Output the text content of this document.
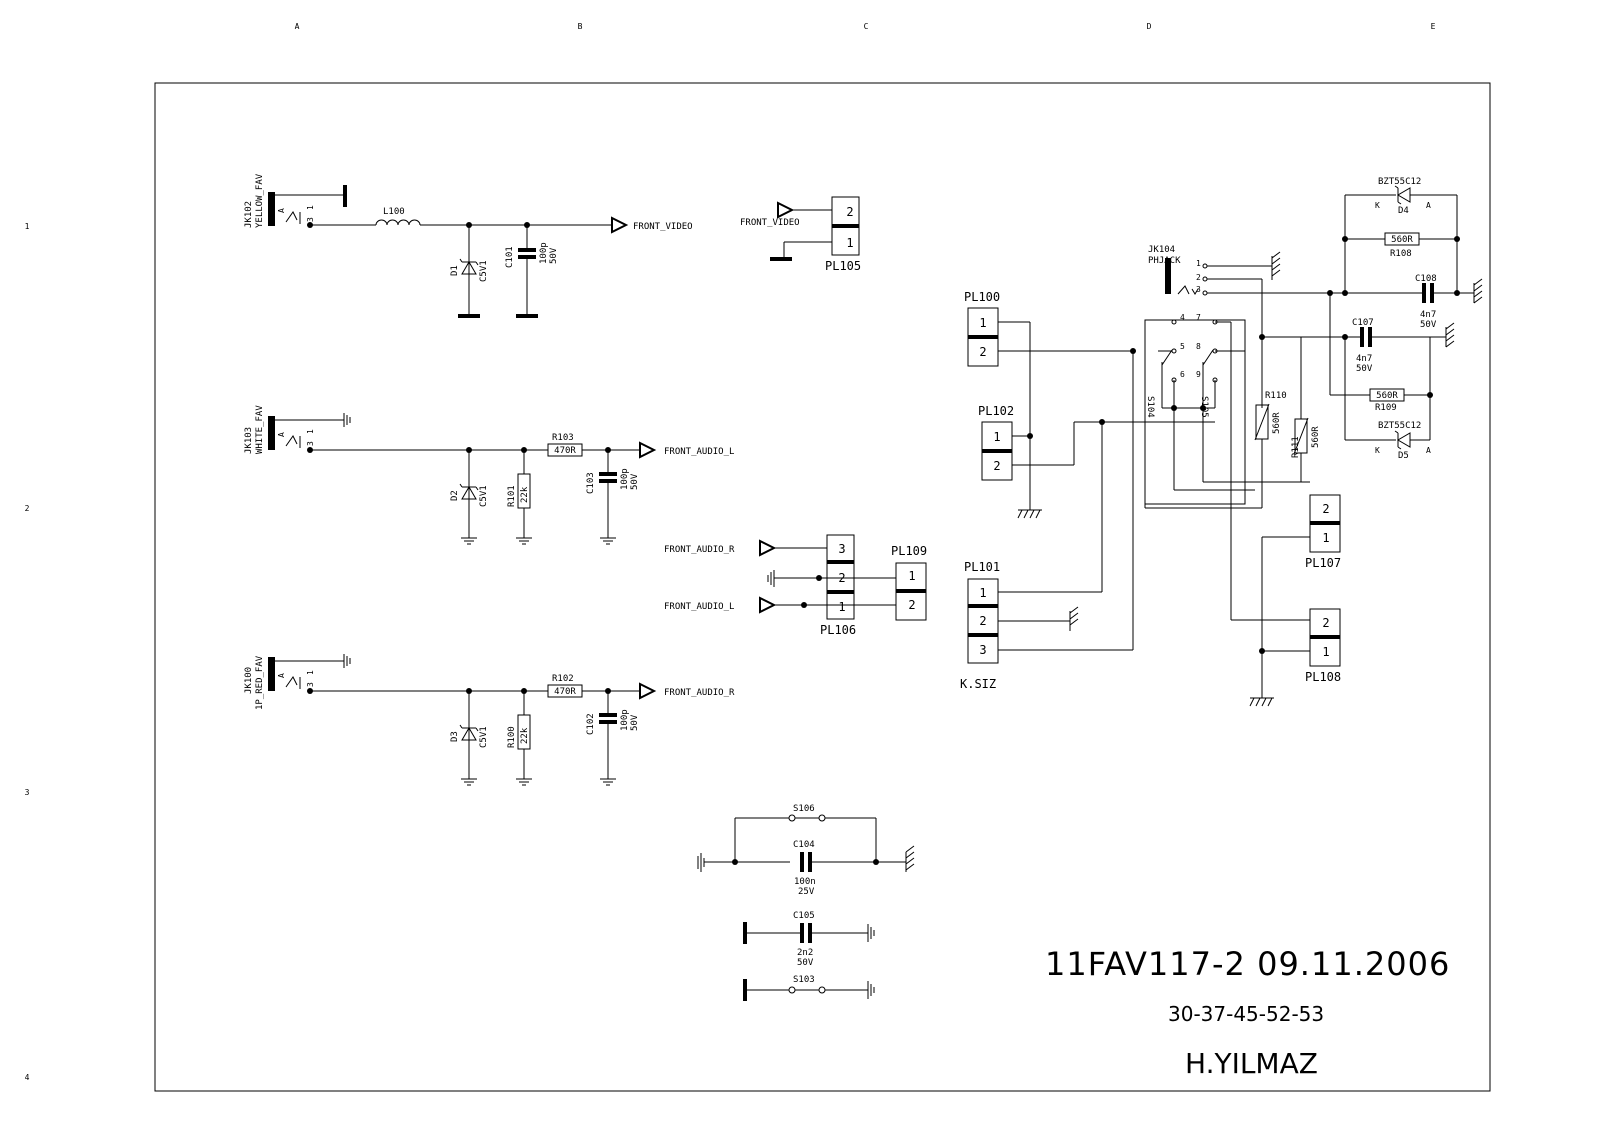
A	B	C	D	E
1
2
3
4
A
3
1
JK102 YELLOW_FAV	L100
FRONT_VIDEO
D1 C5V1
C101	100p 50V
FRONT_VIDEO
2
1
PL105
A
3
1
JK103 WHITE_FAV	470R
R103
FRONT_AUDIO_L
D2 C5V1	22k
R101
C103	100p 50V
FRONT_AUDIO_R
FRONT_AUDIO_L
3
2
1
PL106
1
2
PL109
A
3
1
JK100 1P_RED_FAV	470R
R102
FRONT_AUDIO_R
D3 C5V1	22k
R100
C102	100p 50V
S106
C104
100n
25V
C105
2n2
50V
S103
1
2
PL100
1
2
PL102
1
2
3
PL101
K.SIZ
JK104
PHJACK 1
2
3
4
5
6
S104
7
8
9
S105	R110
560R
R111 560R
2
1
PL107
2
1
PL108
BZT55C12
D4
K	A
560R
R108
C108
4n7
50V
C107
4n7
50V
560R
R109
BZT55C12
D5
K	A
11FAV117-2 09.11.2006
30-37-45-52-53
H.YILMAZ
